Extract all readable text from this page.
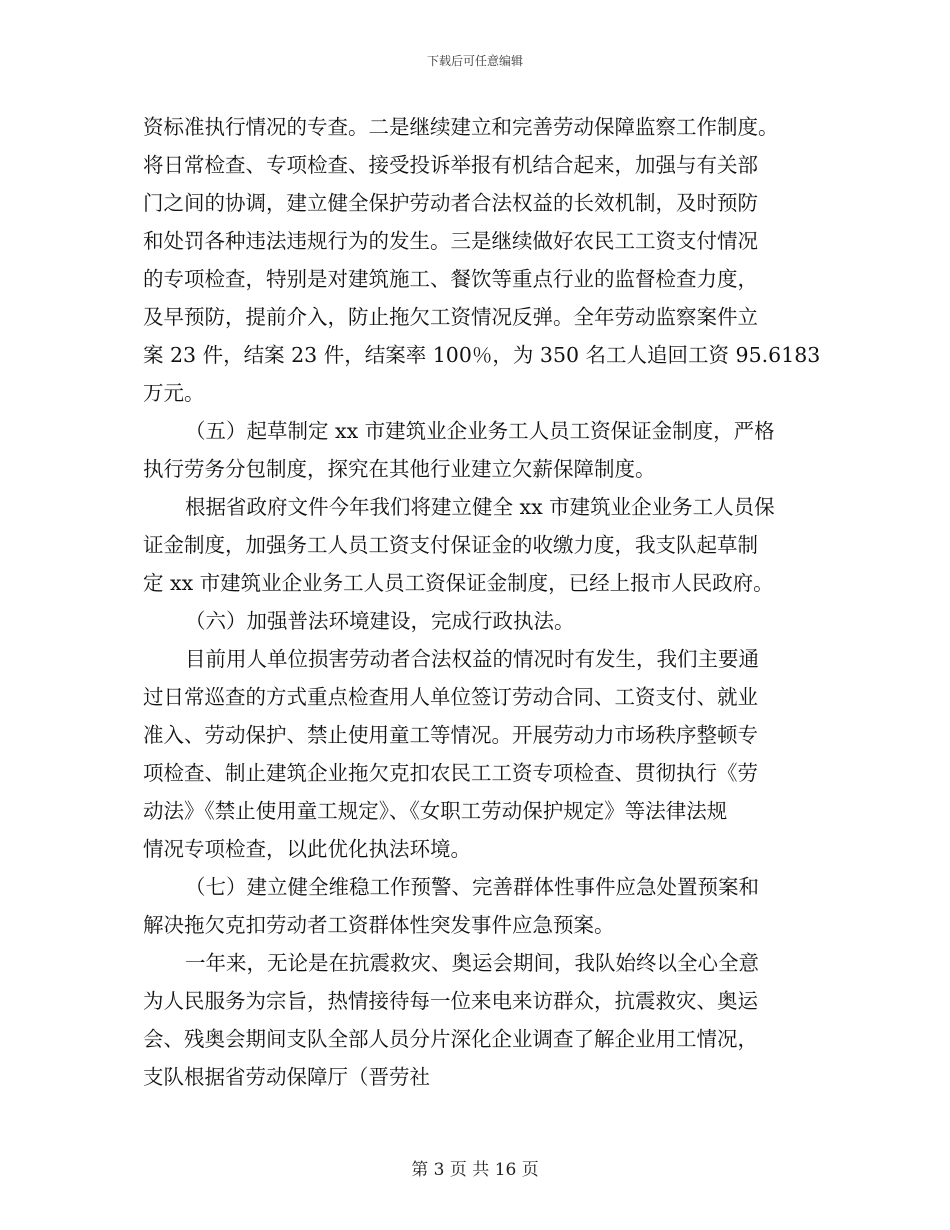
下载后可任意编辑
资标准执行情况的专查。二是继续建立和完善劳动保障监察工作制度。
将日常检查、专项检查、接受投诉举报有机结合起来，加强与有关部
门之间的协调，建立健全保护劳动者合法权益的长效机制，及时预防
和处罚各种违法违规行为的发生。三是继续做好农民工工资支付情况
的专项检查，特别是对建筑施工、餐饮等重点行业的监督检查力度，
及早预防，提前介入，防止拖欠工资情况反弹。全年劳动监察案件立
案 23 件，结案 23 件，结案率 100％，为 350 名工人追回工资 95.6183
万元。
（五）起草制定 xx 市建筑业企业务工人员工资保证金制度，严格
执行劳务分包制度，探究在其他行业建立欠薪保障制度。
根据省政府文件今年我们将建立健全 xx 市建筑业企业务工人员保
证金制度，加强务工人员工资支付保证金的收缴力度，我支队起草制
定 xx 市建筑业企业务工人员工资保证金制度，已经上报市人民政府。
（六）加强普法环境建设，完成行政执法。
目前用人单位损害劳动者合法权益的情况时有发生，我们主要通
过日常巡查的方式重点检查用人单位签订劳动合同、工资支付、就业
准入、劳动保护、禁止使用童工等情况。开展劳动力市场秩序整顿专
项检查、制止建筑企业拖欠克扣农民工工资专项检查、贯彻执行《劳
动法》《禁止使用童工规定》、《女职工劳动保护规定》等法律法规
情况专项检查，以此优化执法环境。
（七）建立健全维稳工作预警、完善群体性事件应急处置预案和
解决拖欠克扣劳动者工资群体性突发事件应急预案。
一年来，无论是在抗震救灾、奥运会期间，我队始终以全心全意
为人民服务为宗旨，热情接待每一位来电来访群众，抗震救灾、奥运
会、残奥会期间支队全部人员分片深化企业调查了解企业用工情况，
支队根据省劳动保障厅（晋劳社
第 3 页 共 16 页
